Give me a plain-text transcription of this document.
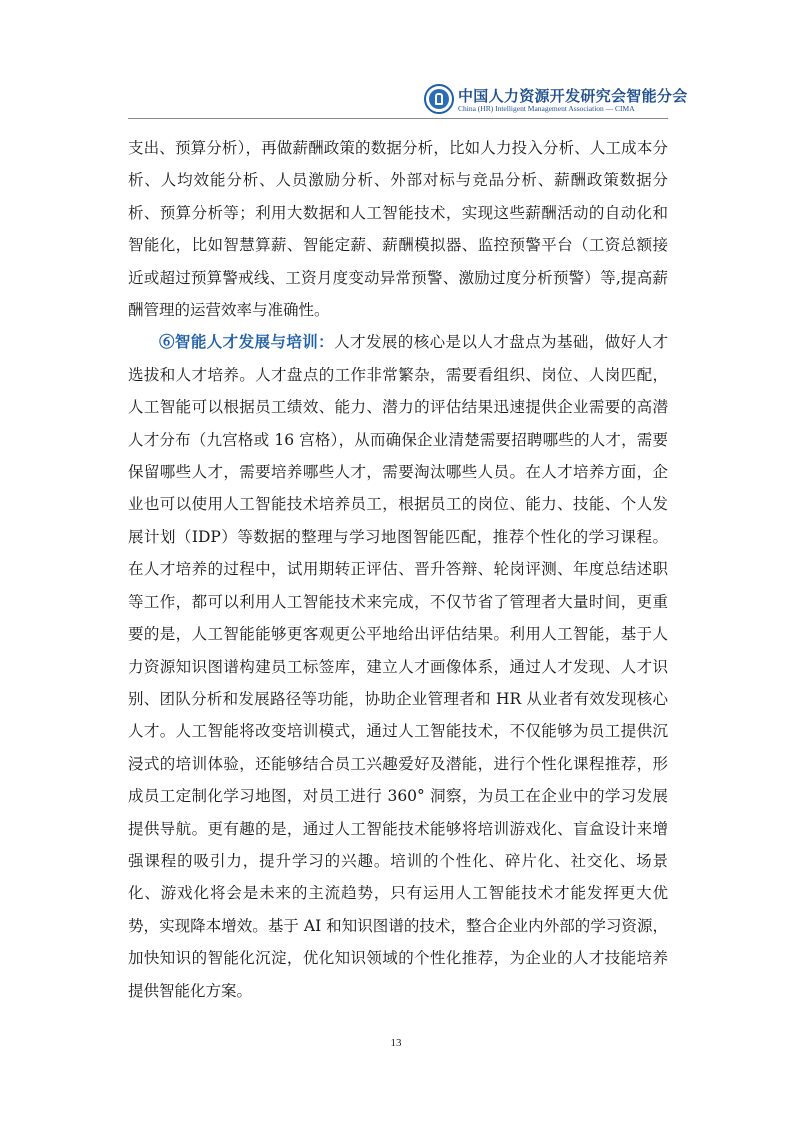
中国人力资源开发研究会智能分会
China (HR) Intelligent Management Association — CIMA

支出、预算分析），再做薪酬政策的数据分析，比如人力投入分析、人工成本分析、人均效能分析、人员激励分析、外部对标与竞品分析、薪酬政策数据分析、预算分析等；利用大数据和人工智能技术，实现这些薪酬活动的自动化和智能化，比如智慧算薪、智能定薪、薪酬模拟器、监控预警平台（工资总额接近或超过预算警戒线、工资月度变动异常预警、激励过度分析预警）等,提高薪酬管理的运营效率与准确性。

⑥智能人才发展与培训：人才发展的核心是以人才盘点为基础，做好人才选拔和人才培养。人才盘点的工作非常繁杂，需要看组织、岗位、人岗匹配，人工智能可以根据员工绩效、能力、潜力的评估结果迅速提供企业需要的高潜人才分布（九宫格或 16 宫格），从而确保企业清楚需要招聘哪些的人才，需要保留哪些人才，需要培养哪些人才，需要淘汰哪些人员。在人才培养方面，企业也可以使用人工智能技术培养员工，根据员工的岗位、能力、技能、个人发展计划（IDP）等数据的整理与学习地图智能匹配，推荐个性化的学习课程。在人才培养的过程中，试用期转正评估、晋升答辩、轮岗评测、年度总结述职等工作，都可以利用人工智能技术来完成，不仅节省了管理者大量时间，更重要的是，人工智能能够更客观更公平地给出评估结果。利用人工智能，基于人力资源知识图谱构建员工标签库，建立人才画像体系，通过人才发现、人才识别、团队分析和发展路径等功能，协助企业管理者和 HR 从业者有效发现核心人才。人工智能将改变培训模式，通过人工智能技术，不仅能够为员工提供沉浸式的培训体验，还能够结合员工兴趣爱好及潜能，进行个性化课程推荐，形成员工定制化学习地图，对员工进行 360° 洞察，为员工在企业中的学习发展提供导航。更有趣的是，通过人工智能技术能够将培训游戏化、盲盒设计来增强课程的吸引力，提升学习的兴趣。培训的个性化、碎片化、社交化、场景化、游戏化将会是未来的主流趋势，只有运用人工智能技术才能发挥更大优势，实现降本增效。基于 AI 和知识图谱的技术，整合企业内外部的学习资源，加快知识的智能化沉淀，优化知识领域的个性化推荐，为企业的人才技能培养提供智能化方案。

13
